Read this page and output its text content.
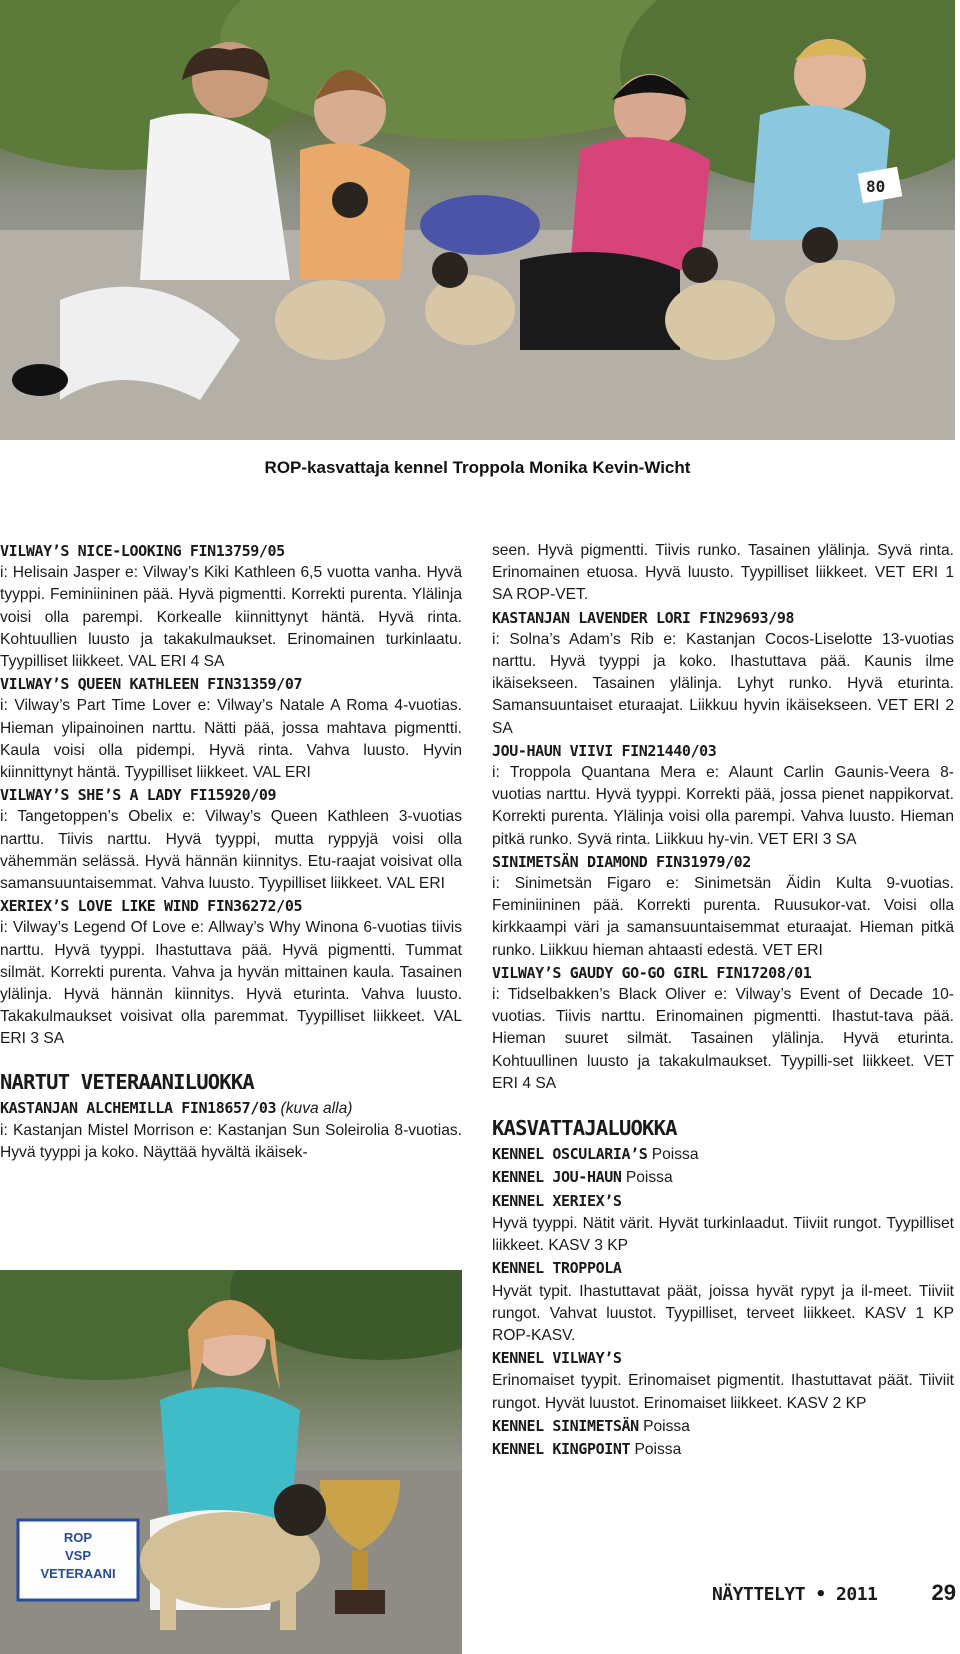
80
ROP-kasvattaja kennel Troppola Monika Kevin-Wicht
VILWAY’S NICE-LOOKING FIN13759/05
i: Helisain Jasper e: Vilway’s Kiki Kathleen 6,5 vuotta vanha. Hyvä tyyppi. Feminiininen pää. Hyvä pigmentti. Korrekti purenta. Ylälinja voisi olla parempi. Korkealle kiinnittynyt häntä. Hyvä rinta. Kohtuullien luusto ja takakulmaukset. Erinomainen turkinlaatu. Tyypilliset liikkeet. VAL ERI 4 SA
VILWAY’S QUEEN KATHLEEN FIN31359/07
i: Vilway’s Part Time Lover e: Vilway’s Natale A Roma 4-vuotias. Hieman ylipainoinen narttu. Nätti pää, jossa mahtava pigmentti. Kaula voisi olla pidempi. Hyvä rinta. Vahva luusto. Hyvin kiinnittynyt häntä. Tyypilliset liikkeet. VAL ERI
VILWAY’S SHE’S A LADY FI15920/09
i: Tangetoppen’s Obelix e: Vilway’s Queen Kathleen 3-vuotias narttu. Tiivis narttu. Hyvä tyyppi, mutta ryppyjä voisi olla vähemmän selässä. Hyvä hännän kiinnitys. Etu-raajat voisivat olla samansuuntaisemmat. Vahva luusto. Tyypilliset liikkeet. VAL ERI
XERIEX’S LOVE LIKE WIND FIN36272/05
i: Vilway’s Legend Of Love e: Allway’s Why Winona 6-vuotias tiivis narttu. Hyvä tyyppi. Ihastuttava pää. Hyvä pigmentti. Tummat silmät. Korrekti purenta. Vahva ja hyvän mittainen kaula. Tasainen ylälinja. Hyvä hännän kiinnitys. Hyvä eturinta. Vahva luusto. Takakulmaukset voisivat olla paremmat. Tyypilliset liikkeet. VAL ERI 3 SA
NARTUT VETERAANILUOKKA
KASTANJAN ALCHEMILLA FIN18657/03 (kuva alla)
i: Kastanjan Mistel Morrison e: Kastanjan Sun Soleirolia 8-vuotias. Hyvä tyyppi ja koko. Näyttää hyvältä ikäisek-
ROP
VSP
VETERAANI
seen. Hyvä pigmentti. Tiivis runko. Tasainen ylälinja. Syvä rinta. Erinomainen etuosa. Hyvä luusto. Tyypilliset liikkeet. VET ERI 1 SA ROP-VET.
KASTANJAN LAVENDER LORI FIN29693/98
i: Solna’s Adam’s Rib e: Kastanjan Cocos-Liselotte 13-vuotias narttu. Hyvä tyyppi ja koko. Ihastuttava pää. Kaunis ilme ikäisekseen. Tasainen ylälinja. Lyhyt runko. Hyvä eturinta. Samansuuntaiset eturaajat. Liikkuu hyvin ikäisekseen. VET ERI 2 SA
JOU-HAUN VIIVI FIN21440/03
i: Troppola Quantana Mera e: Alaunt Carlin Gaunis-Veera 8-vuotias narttu. Hyvä tyyppi. Korrekti pää, jossa pienet nappikorvat. Korrekti purenta. Ylälinja voisi olla parempi. Vahva luusto. Hieman pitkä runko. Syvä rinta. Liikkuu hy-vin. VET ERI 3 SA
SINIMETSÄN DIAMOND FIN31979/02
i: Sinimetsän Figaro e: Sinimetsän Äidin Kulta 9-vuotias. Feminiininen pää. Korrekti purenta. Ruusukor-vat. Voisi olla kirkkaampi väri ja samansuuntaisemmat eturaajat. Hieman pitkä runko. Liikkuu hieman ahtaasti edestä. VET ERI
VILWAY’S GAUDY GO-GO GIRL FIN17208/01
i: Tidselbakken’s Black Oliver e: Vilway’s Event of Decade 10-vuotias. Tiivis narttu. Erinomainen pigmentti. Ihastut-tava pää. Hieman suuret silmät. Tasainen ylälinja. Hyvä eturinta. Kohtuullinen luusto ja takakulmaukset. Tyypilli-set liikkeet. VET ERI 4 SA
KASVATTAJALUOKKA
KENNEL OSCULARIA’S Poissa
KENNEL JOU-HAUN Poissa
KENNEL XERIEX’S
Hyvä tyyppi. Nätit värit. Hyvät turkinlaadut. Tiiviit rungot. Tyypilliset liikkeet. KASV 3 KP
KENNEL TROPPOLA
Hyvät typit. Ihastuttavat päät, joissa hyvät rypyt ja il-meet. Tiiviit rungot. Vahvat luustot. Tyypilliset, terveet liikkeet. KASV 1 KP ROP-KASV.
KENNEL VILWAY’S
Erinomaiset tyypit. Erinomaiset pigmentit. Ihastuttavat päät. Tiiviit rungot. Hyvät luustot. Erinomaiset liikkeet. KASV 2 KP
KENNEL SINIMETSÄN Poissa
KENNEL KINGPOINT Poissa
NÄYTTELYT • 2011 29
